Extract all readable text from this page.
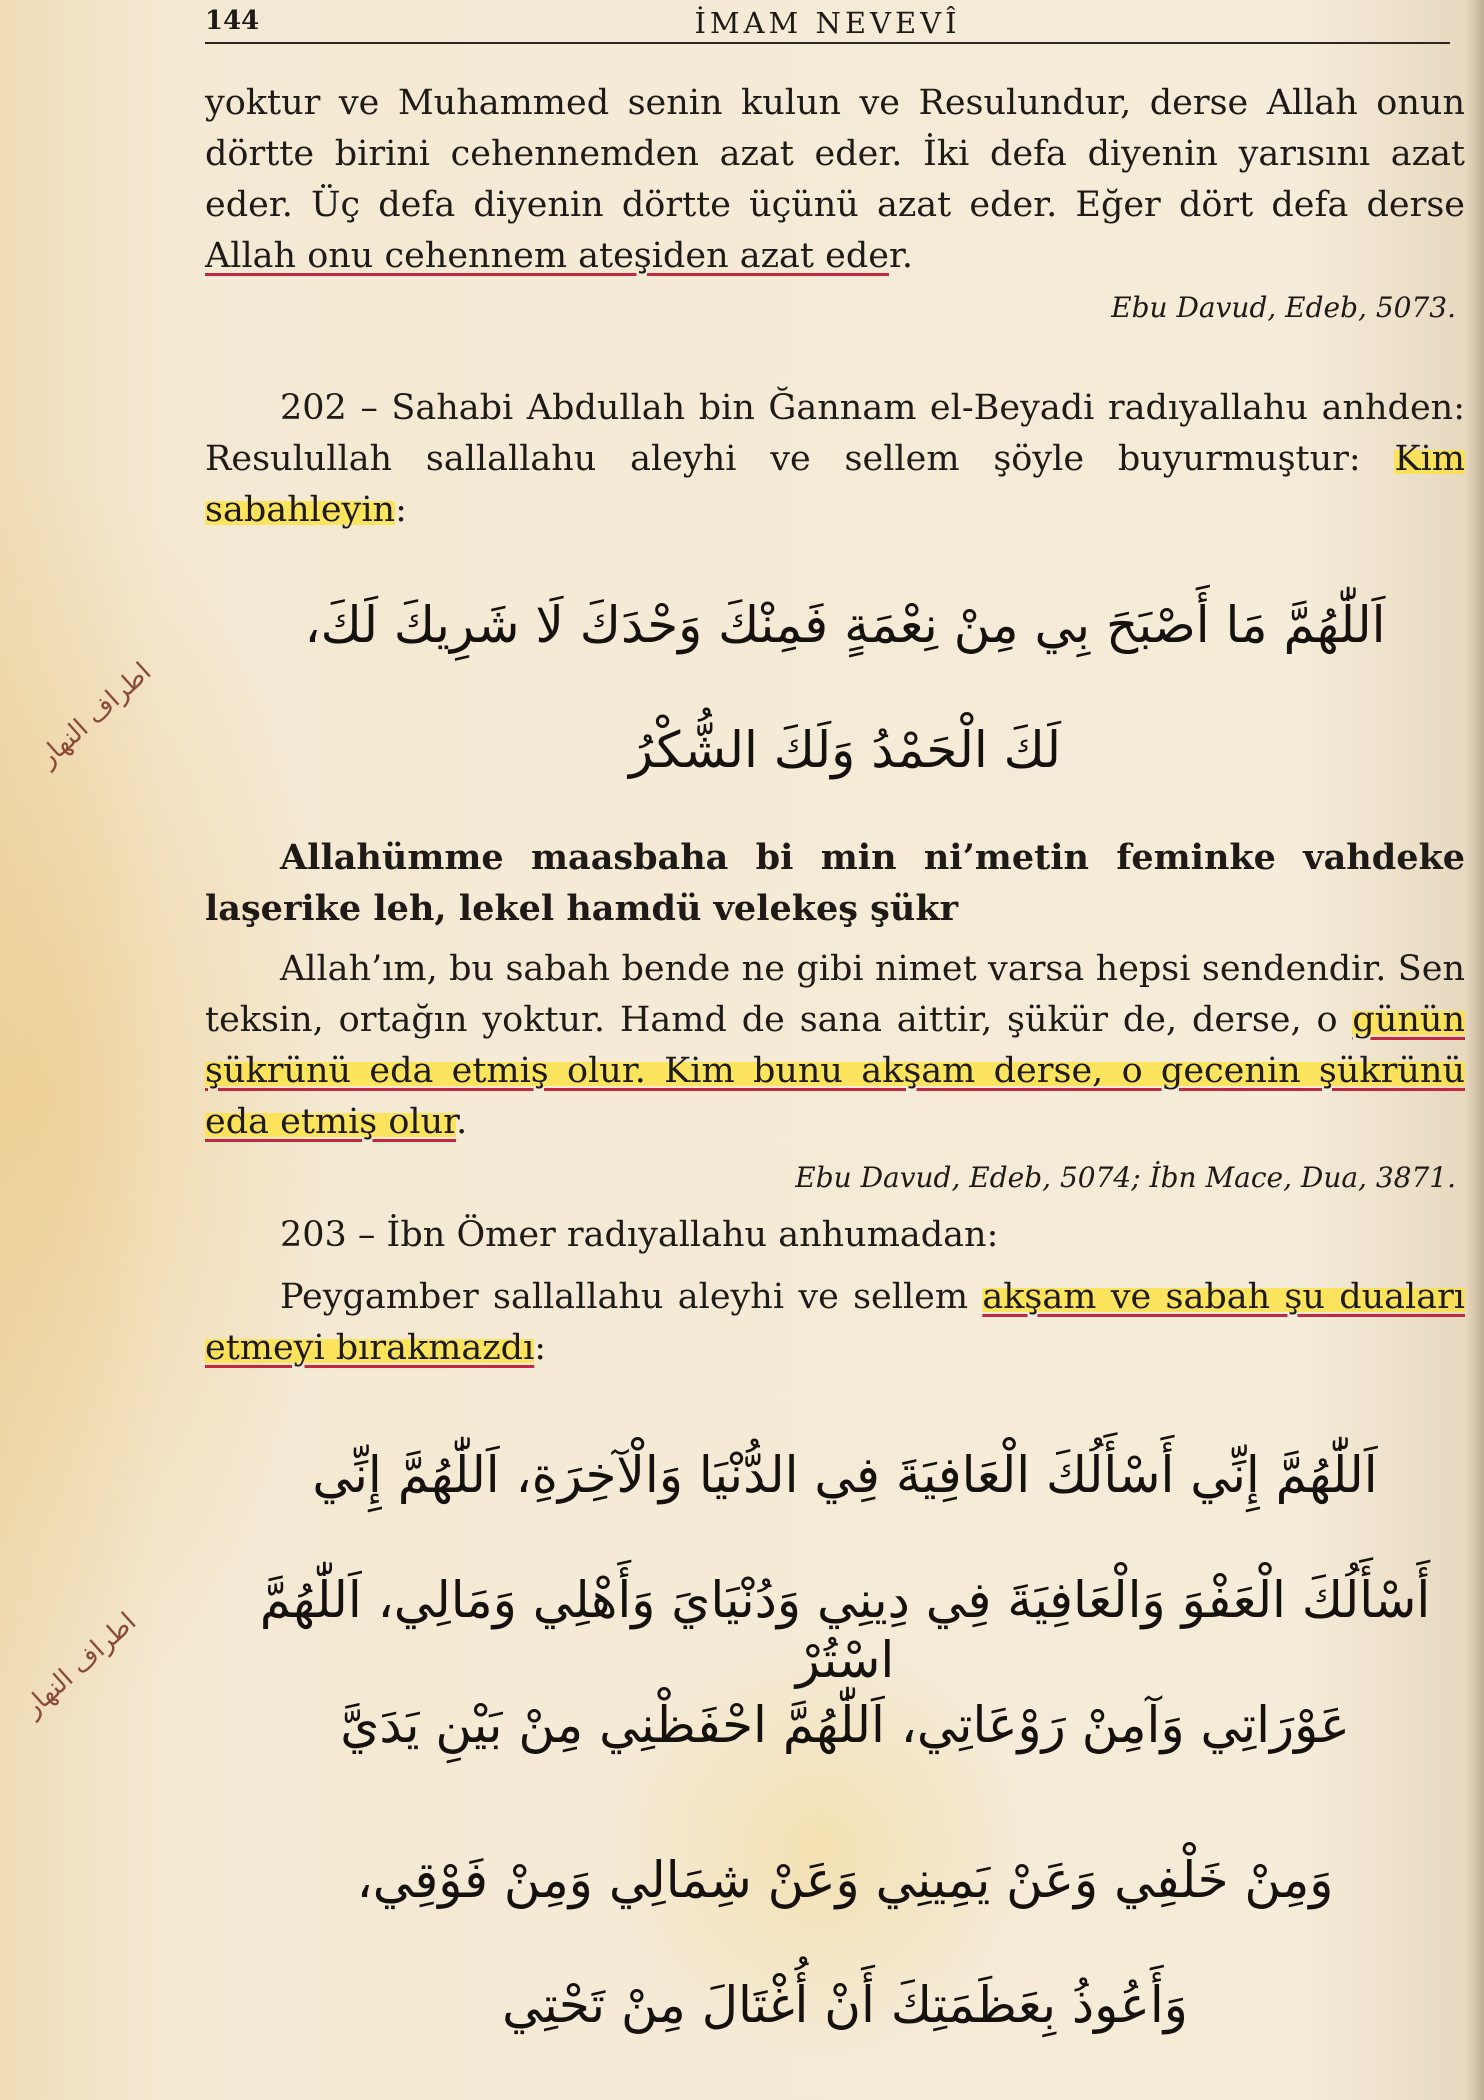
144	İMAM NEVEVÎ
yoktur ve Muhammed senin kulun ve Resulundur, derse Allah onun dörtte birini cehennemden azat eder. İki defa diyenin yarısını azat eder. Üç defa diyenin dörtte üçünü azat eder. Eğer dört defa derse Allah onu cehennem ateşiden azat eder.
Ebu Davud, Edeb, 5073.
202 – Sahabi Abdullah bin Ğannam el-Beyadi radıyallahu anhden: Resulullah sallallahu aleyhi ve sellem şöyle buyurmuştur: Kim sabahleyin:
اَللّٰهُمَّ مَا أَصْبَحَ بِي مِنْ نِعْمَةٍ فَمِنْكَ وَحْدَكَ لَا شَرِيكَ لَكَ،
لَكَ الْحَمْدُ وَلَكَ الشُّكْرُ
Allahümme maasbaha bi min ni’metin feminke vahdeke laşerike leh, lekel hamdü velekeş şükr
Allah’ım, bu sabah bende ne gibi nimet varsa hepsi sendendir. Sen teksin, ortağın yoktur. Hamd de sana aittir, şükür de, derse, o günün şükrünü eda etmiş olur. Kim bunu akşam derse, o gecenin şükrünü eda etmiş olur.
Ebu Davud, Edeb, 5074; İbn Mace, Dua, 3871.
203 – İbn Ömer radıyallahu anhumadan:
Peygamber sallallahu aleyhi ve sellem akşam ve sabah şu duaları etmeyi bırakmazdı:
اَللّٰهُمَّ إِنِّي أَسْأَلُكَ الْعَافِيَةَ فِي الدُّنْيَا وَالْآخِرَةِ، اَللّٰهُمَّ إِنِّي
أَسْأَلُكَ الْعَفْوَ وَالْعَافِيَةَ فِي دِينِي وَدُنْيَايَ وَأَهْلِي وَمَالِي، اَللّٰهُمَّ اسْتُرْ
عَوْرَاتِي وَآمِنْ رَوْعَاتِي، اَللّٰهُمَّ احْفَظْنِي مِنْ بَيْنِ يَدَيَّ
وَمِنْ خَلْفِي وَعَنْ يَمِينِي وَعَنْ شِمَالِي وَمِنْ فَوْقِي،
وَأَعُوذُ بِعَظَمَتِكَ أَنْ أُغْتَالَ مِنْ تَحْتِي
اطراف النهار
اطراف النهار
